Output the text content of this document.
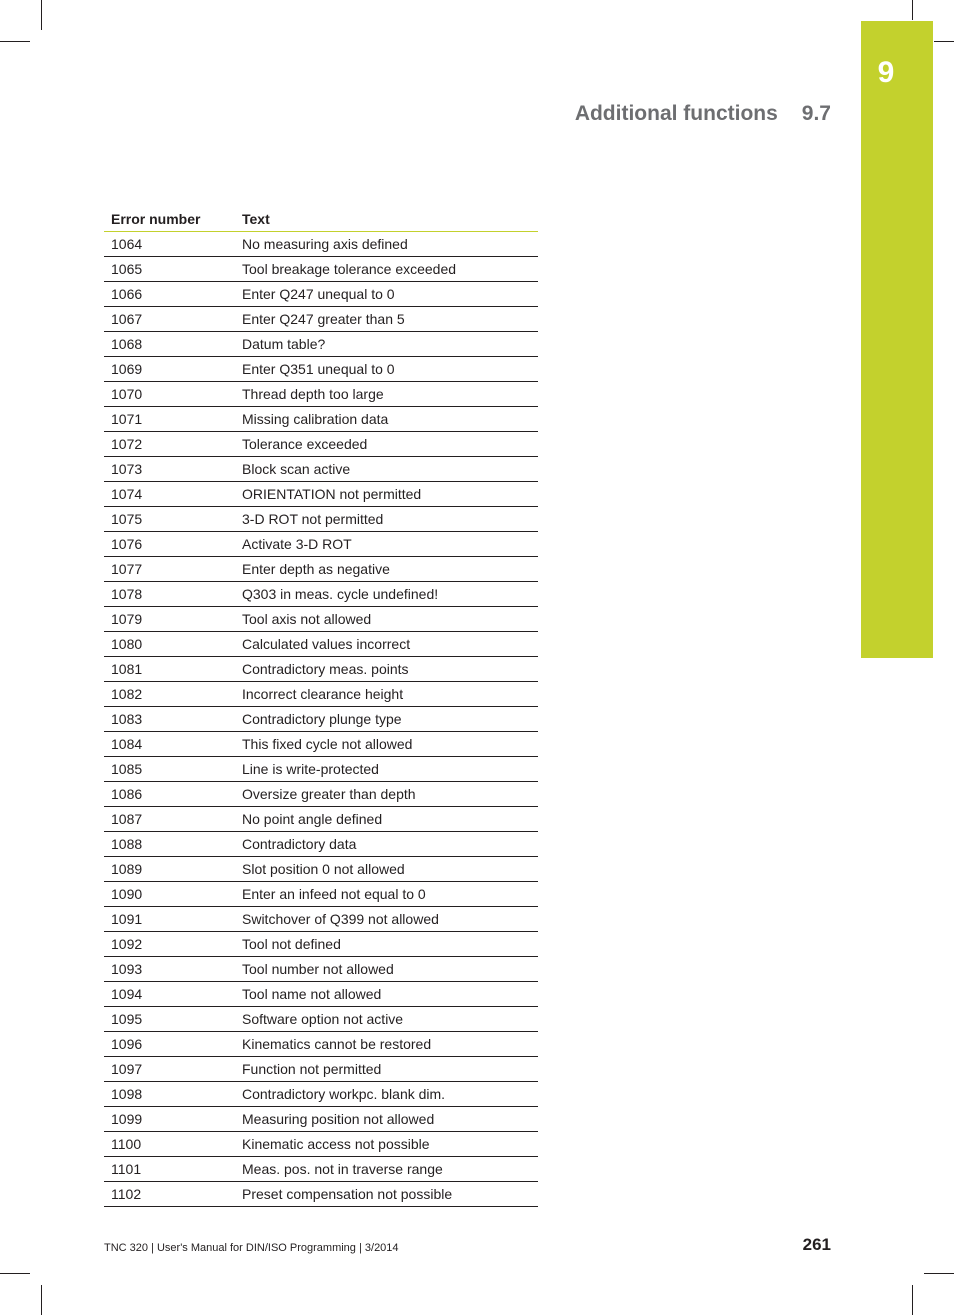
9
Additional functions 9.7
Error number	Text
1064	No measuring axis defined
1065	Tool breakage tolerance exceeded
1066	Enter Q247 unequal to 0
1067	Enter Q247 greater than 5
1068	Datum table?
1069	Enter Q351 unequal to 0
1070	Thread depth too large
1071	Missing calibration data
1072	Tolerance exceeded
1073	Block scan active
1074	ORIENTATION not permitted
1075	3-D ROT not permitted
1076	Activate 3-D ROT
1077	Enter depth as negative
1078	Q303 in meas. cycle undefined!
1079	Tool axis not allowed
1080	Calculated values incorrect
1081	Contradictory meas. points
1082	Incorrect clearance height
1083	Contradictory plunge type
1084	This fixed cycle not allowed
1085	Line is write-protected
1086	Oversize greater than depth
1087	No point angle defined
1088	Contradictory data
1089	Slot position 0 not allowed
1090	Enter an infeed not equal to 0
1091	Switchover of Q399 not allowed
1092	Tool not defined
1093	Tool number not allowed
1094	Tool name not allowed
1095	Software option not active
1096	Kinematics cannot be restored
1097	Function not permitted
1098	Contradictory workpc. blank dim.
1099	Measuring position not allowed
1100	Kinematic access not possible
1101	Meas. pos. not in traverse range
1102	Preset compensation not possible
TNC 320 | User's Manual for DIN/ISO Programming | 3/2014	261
